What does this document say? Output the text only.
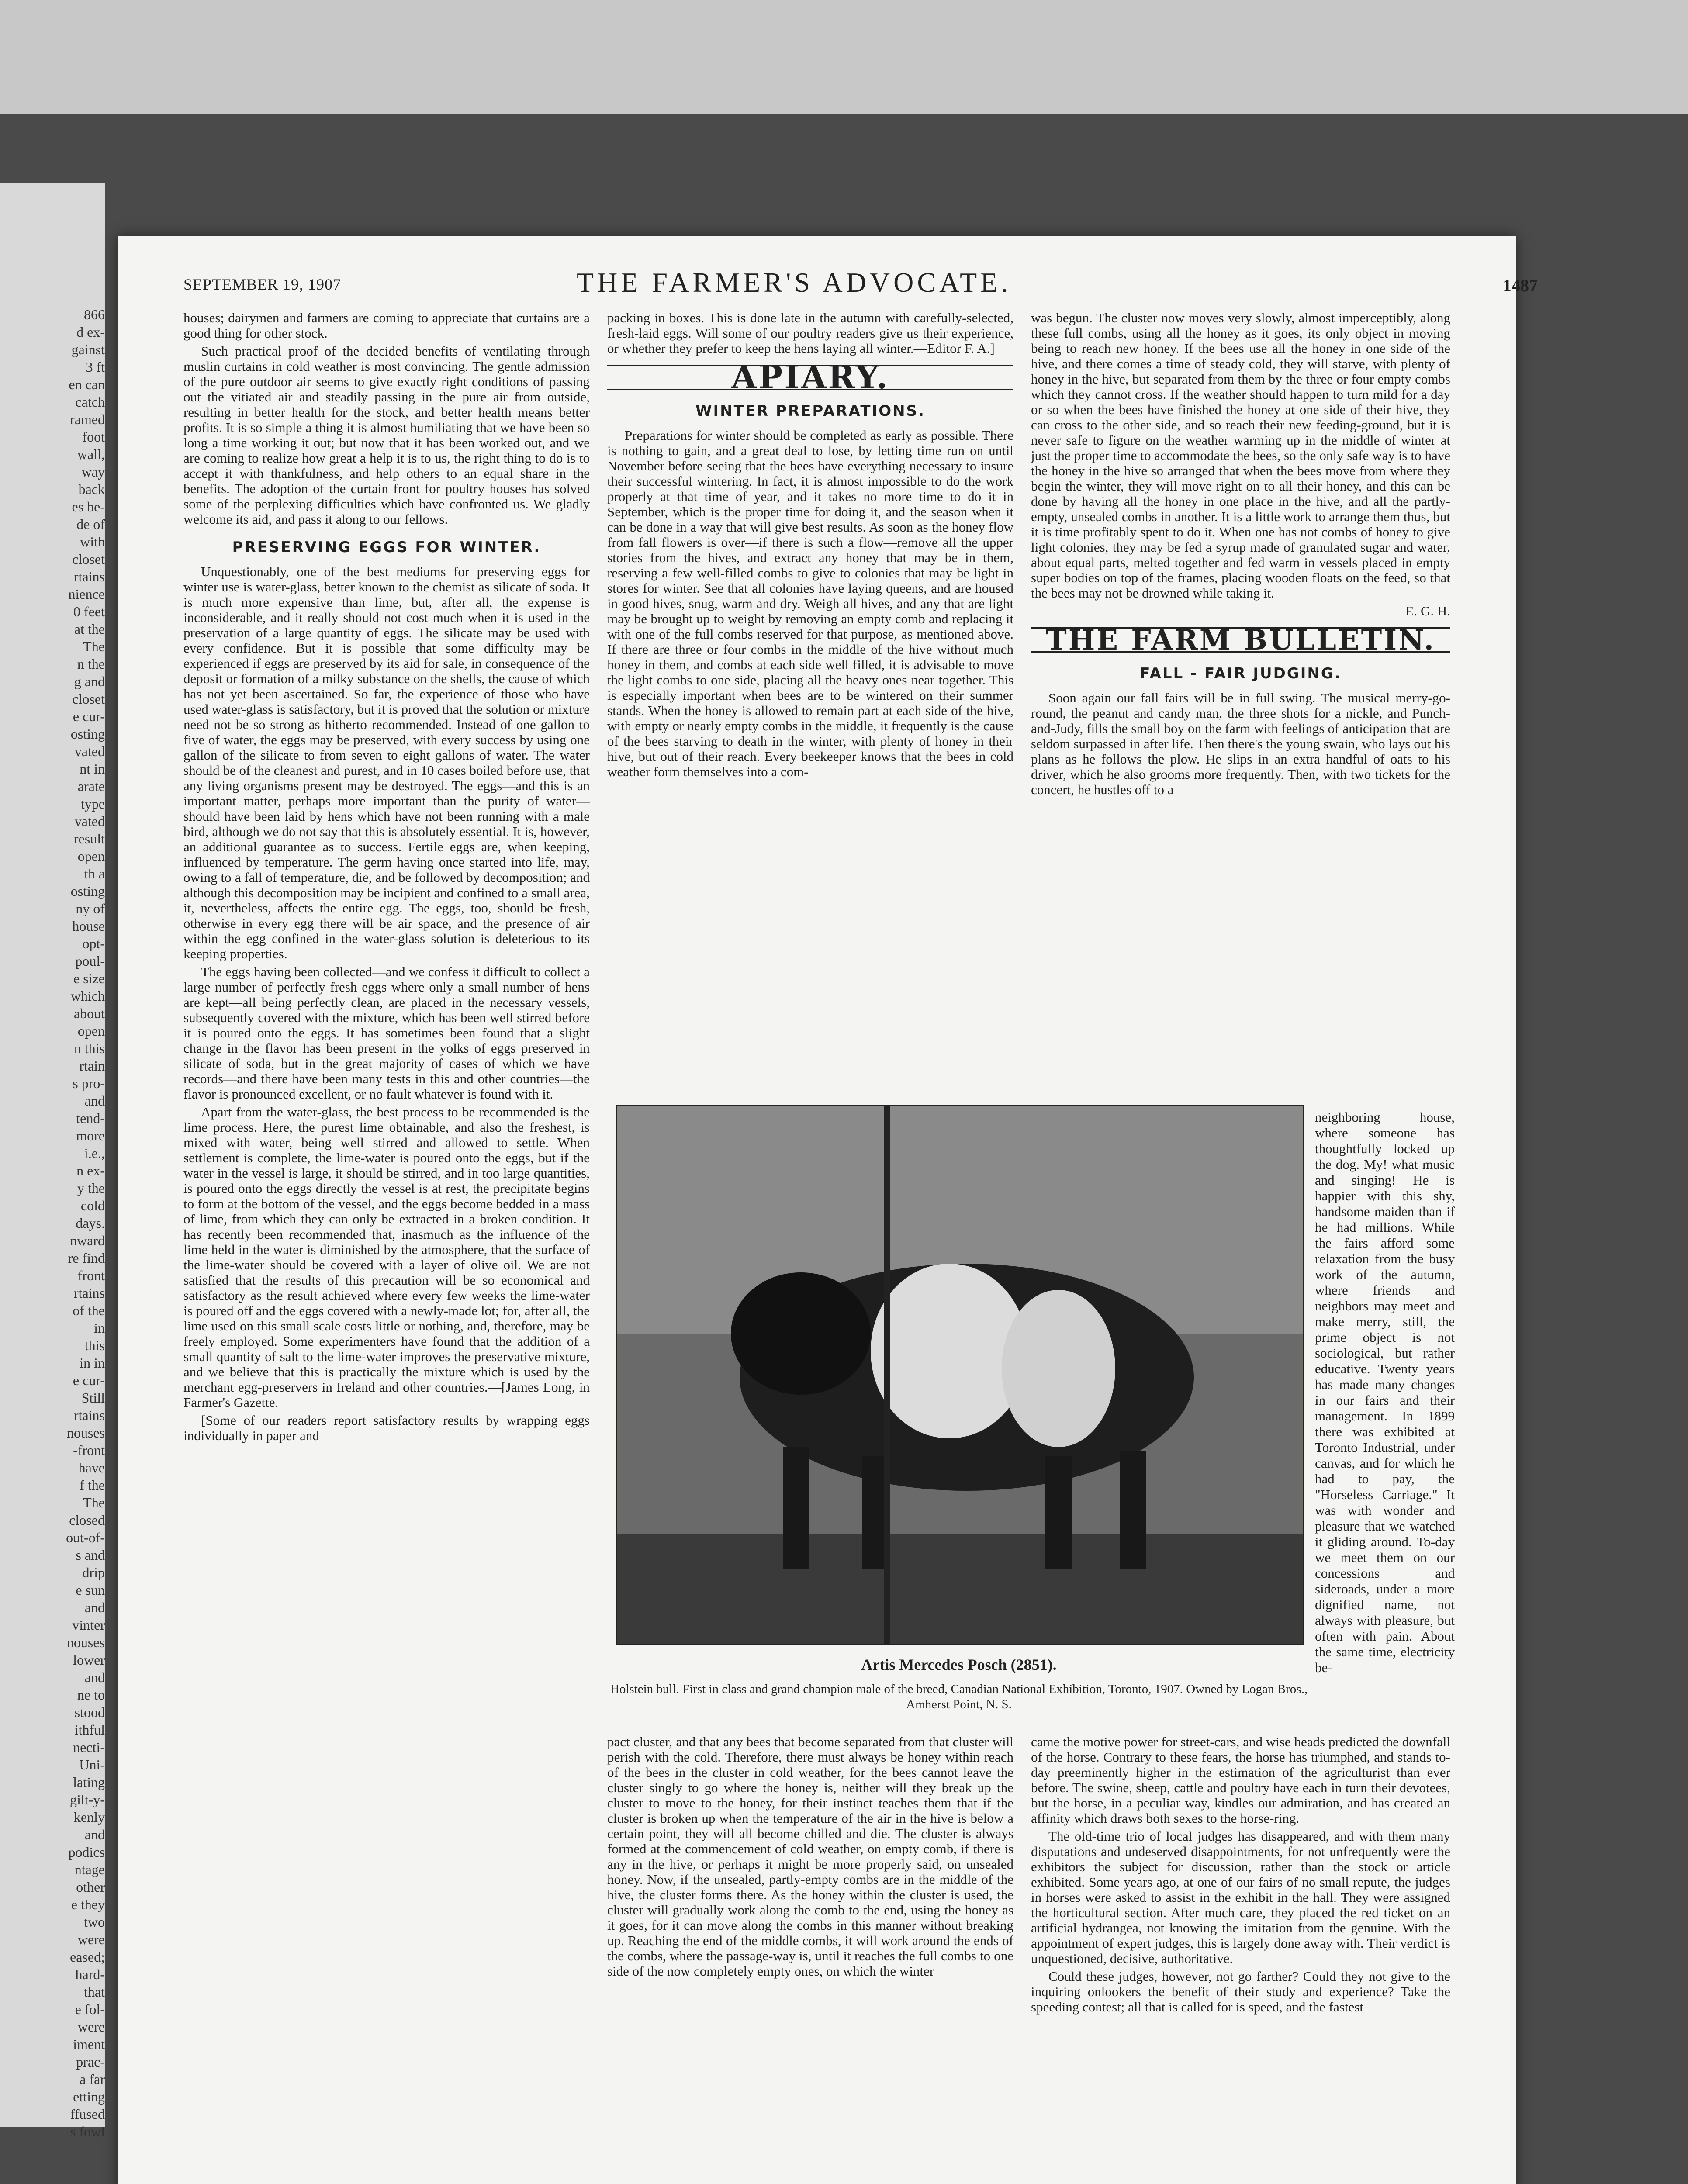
866
d ex-
gainst
3 ft
en can
catch
ramed
foot
wall,
way
back
es be-
de of
with
closet
rtains
nience
0 feet
at the
The
n the
g and
closet
e cur-
osting
vated
nt in
arate
type
vated
result
open
th a
osting
ny of
house
opt-
poul-
e size
which
about
open
n this
rtain
s pro-
and
tend-
more
i.e.,
n ex-
y the
cold
days.
nward
re find
front
rtains
of the
in
this
in in
e cur-
Still
rtains
nouses
-front
have
f the
The
closed
out-of-
s and
drip
e sun
and
vinter
nouses
lower
and
ne to
stood
ithful
necti-
Uni-
lating
gilt-y-
kenly
and
podics
ntage
other
e they
two
were
eased;
hard-
that
e fol-
were
iment
prac-
a far
etting
ffused
s fowl
SEPTEMBER 19, 1907	THE FARMER'S ADVOCATE.	1487

houses; dairymen and farmers are coming to appreciate that curtains are a good thing for other stock.

Such practical proof of the decided benefits of ventilating through muslin curtains in cold weather is most convincing. The gentle admission of the pure outdoor air seems to give exactly right conditions of passing out the vitiated air and steadily passing in the pure air from outside, resulting in better health for the stock, and better health means better profits. It is so simple a thing it is almost humiliating that we have been so long a time working it out; but now that it has been worked out, and we are coming to realize how great a help it is to us, the right thing to do is to accept it with thankfulness, and help others to an equal share in the benefits. The adoption of the curtain front for poultry houses has solved some of the perplexing difficulties which have confronted us. We gladly welcome its aid, and pass it along to our fellows.

PRESERVING EGGS FOR WINTER.

Unquestionably, one of the best mediums for preserving eggs for winter use is water-glass, better known to the chemist as silicate of soda. It is much more expensive than lime, but, after all, the expense is inconsiderable, and it really should not cost much when it is used in the preservation of a large quantity of eggs. The silicate may be used with every confidence. But it is possible that some difficulty may be experienced if eggs are preserved by its aid for sale, in consequence of the deposit or formation of a milky substance on the shells, the cause of which has not yet been ascertained. So far, the experience of those who have used water-glass is satisfactory, but it is proved that the solution or mixture need not be so strong as hitherto recommended. Instead of one gallon to five of water, the eggs may be preserved, with every success by using one gallon of the silicate to from seven to eight gallons of water. The water should be of the cleanest and purest, and in 10 cases boiled before use, that any living organisms present may be destroyed. The eggs—and this is an important matter, perhaps more important than the purity of water—should have been laid by hens which have not been running with a male bird, although we do not say that this is absolutely essential. It is, however, an additional guarantee as to success. Fertile eggs are, when keeping, influenced by temperature. The germ having once started into life, may, owing to a fall of temperature, die, and be followed by decomposition; and although this decomposition may be incipient and confined to a small area, it, nevertheless, affects the entire egg. The eggs, too, should be fresh, otherwise in every egg there will be air space, and the presence of air within the egg confined in the water-glass solution is deleterious to its keeping properties.

The eggs having been collected—and we confess it difficult to collect a large number of perfectly fresh eggs where only a small number of hens are kept—all being perfectly clean, are placed in the necessary vessels, subsequently covered with the mixture, which has been well stirred before it is poured onto the eggs. It has sometimes been found that a slight change in the flavor has been present in the yolks of eggs preserved in silicate of soda, but in the great majority of cases of which we have records—and there have been many tests in this and other countries—the flavor is pronounced excellent, or no fault whatever is found with it.

Apart from the water-glass, the best process to be recommended is the lime process. Here, the purest lime obtainable, and also the freshest, is mixed with water, being well stirred and allowed to settle. When settlement is complete, the lime-water is poured onto the eggs, but if the water in the vessel is large, it should be stirred, and in too large quantities, is poured onto the eggs directly the vessel is at rest, the precipitate begins to form at the bottom of the vessel, and the eggs become bedded in a mass of lime, from which they can only be extracted in a broken condition. It has recently been recommended that, inasmuch as the influence of the lime held in the water is diminished by the atmosphere, that the surface of the lime-water should be covered with a layer of olive oil. We are not satisfied that the results of this precaution will be so economical and satisfactory as the result achieved where every few weeks the lime-water is poured off and the eggs covered with a newly-made lot; for, after all, the lime used on this small scale costs little or nothing, and, therefore, may be freely employed. Some experimenters have found that the addition of a small quantity of salt to the lime-water improves the preservative mixture, and we believe that this is practically the mixture which is used by the merchant egg-preservers in Ireland and other countries.—[James Long, in Farmer's Gazette.

[Some of our readers report satisfactory results by wrapping eggs individually in paper and

packing in boxes. This is done late in the autumn with carefully-selected, fresh-laid eggs. Will some of our poultry readers give us their experience, or whether they prefer to keep the hens laying all winter.—Editor F. A.]

APIARY.
WINTER PREPARATIONS.

Preparations for winter should be completed as early as possible. There is nothing to gain, and a great deal to lose, by letting time run on until November before seeing that the bees have everything necessary to insure their successful wintering. In fact, it is almost impossible to do the work properly at that time of year, and it takes no more time to do it in September, which is the proper time for doing it, and the season when it can be done in a way that will give best results. As soon as the honey flow from fall flowers is over—if there is such a flow—remove all the upper stories from the hives, and extract any honey that may be in them, reserving a few well-filled combs to give to colonies that may be light in stores for winter. See that all colonies have laying queens, and are housed in good hives, snug, warm and dry. Weigh all hives, and any that are light may be brought up to weight by removing an empty comb and replacing it with one of the full combs reserved for that purpose, as mentioned above. If there are three or four combs in the middle of the hive without much honey in them, and combs at each side well filled, it is advisable to move the light combs to one side, placing all the heavy ones near together. This is especially important when bees are to be wintered on their summer stands. When the honey is allowed to remain part at each side of the hive, with empty or nearly empty combs in the middle, it frequently is the cause of the bees starving to death in the winter, with plenty of honey in their hive, but out of their reach. Every beekeeper knows that the bees in cold weather form themselves into a com-

was begun. The cluster now moves very slowly, almost imperceptibly, along these full combs, using all the honey as it goes, its only object in moving being to reach new honey. If the bees use all the honey in one side of the hive, and there comes a time of steady cold, they will starve, with plenty of honey in the hive, but separated from them by the three or four empty combs which they cannot cross. If the weather should happen to turn mild for a day or so when the bees have finished the honey at one side of their hive, they can cross to the other side, and so reach their new feeding-ground, but it is never safe to figure on the weather warming up in the middle of winter at just the proper time to accommodate the bees, so the only safe way is to have the honey in the hive so arranged that when the bees move from where they begin the winter, they will move right on to all their honey, and this can be done by having all the honey in one place in the hive, and all the partly-empty, unsealed combs in another. It is a little work to arrange them thus, but it is time profitably spent to do it. When one has not combs of honey to give light colonies, they may be fed a syrup made of granulated sugar and water, about equal parts, melted together and fed warm in vessels placed in empty super bodies on top of the frames, placing wooden floats on the feed, so that the bees may not be drowned while taking it.

E. G. H.

THE FARM BULLETIN.
FALL - FAIR JUDGING.

Soon again our fall fairs will be in full swing. The musical merry-go-round, the peanut and candy man, the three shots for a nickle, and Punch-and-Judy, fills the small boy on the farm with feelings of anticipation that are seldom surpassed in after life. Then there's the young swain, who lays out his plans as he follows the plow. He slips in an extra handful of oats to his driver, which he also grooms more frequently. Then, with two tickets for the concert, he hustles off to a

Artis Mercedes Posch (2851).
Holstein bull. First in class and grand champion male of the breed, Canadian National Exhibition, Toronto, 1907. Owned by Logan Bros., Amherst Point, N. S.

neighboring house, where someone has thoughtfully locked up the dog. My! what music and singing! He is happier with this shy, handsome maiden than if he had millions. While the fairs afford some relaxation from the busy work of the autumn, where friends and neighbors may meet and make merry, still, the prime object is not sociological, but rather educative. Twenty years has made many changes in our fairs and their management. In 1899 there was exhibited at Toronto Industrial, under canvas, and for which he had to pay, the "Horseless Carriage." It was with wonder and pleasure that we watched it gliding around. To-day we meet them on our concessions and sideroads, under a more dignified name, not always with pleasure, but often with pain. About the same time, electricity be-

pact cluster, and that any bees that become separated from that cluster will perish with the cold. Therefore, there must always be honey within reach of the bees in the cluster in cold weather, for the bees cannot leave the cluster singly to go where the honey is, neither will they break up the cluster to move to the honey, for their instinct teaches them that if the cluster is broken up when the temperature of the air in the hive is below a certain point, they will all become chilled and die. The cluster is always formed at the commencement of cold weather, on empty comb, if there is any in the hive, or perhaps it might be more properly said, on unsealed honey. Now, if the unsealed, partly-empty combs are in the middle of the hive, the cluster forms there. As the honey within the cluster is used, the cluster will gradually work along the comb to the end, using the honey as it goes, for it can move along the combs in this manner without breaking up. Reaching the end of the middle combs, it will work around the ends of the combs, where the passage-way is, until it reaches the full combs to one side of the now completely empty ones, on which the winter

came the motive power for street-cars, and wise heads predicted the downfall of the horse. Contrary to these fears, the horse has triumphed, and stands to-day preeminently higher in the estimation of the agriculturist than ever before. The swine, sheep, cattle and poultry have each in turn their devotees, but the horse, in a peculiar way, kindles our admiration, and has created an affinity which draws both sexes to the horse-ring.

The old-time trio of local judges has disappeared, and with them many disputations and undeserved disappointments, for not unfrequently were the exhibitors the subject for discussion, rather than the stock or article exhibited. Some years ago, at one of our fairs of no small repute, the judges in horses were asked to assist in the exhibit in the hall. They were assigned the horticultural section. After much care, they placed the red ticket on an artificial hydrangea, not knowing the imitation from the genuine. With the appointment of expert judges, this is largely done away with. Their verdict is unquestioned, decisive, authoritative.

Could these judges, however, not go farther? Could they not give to the inquiring onlookers the benefit of their study and experience? Take the speeding contest; all that is called for is speed, and the fastest
